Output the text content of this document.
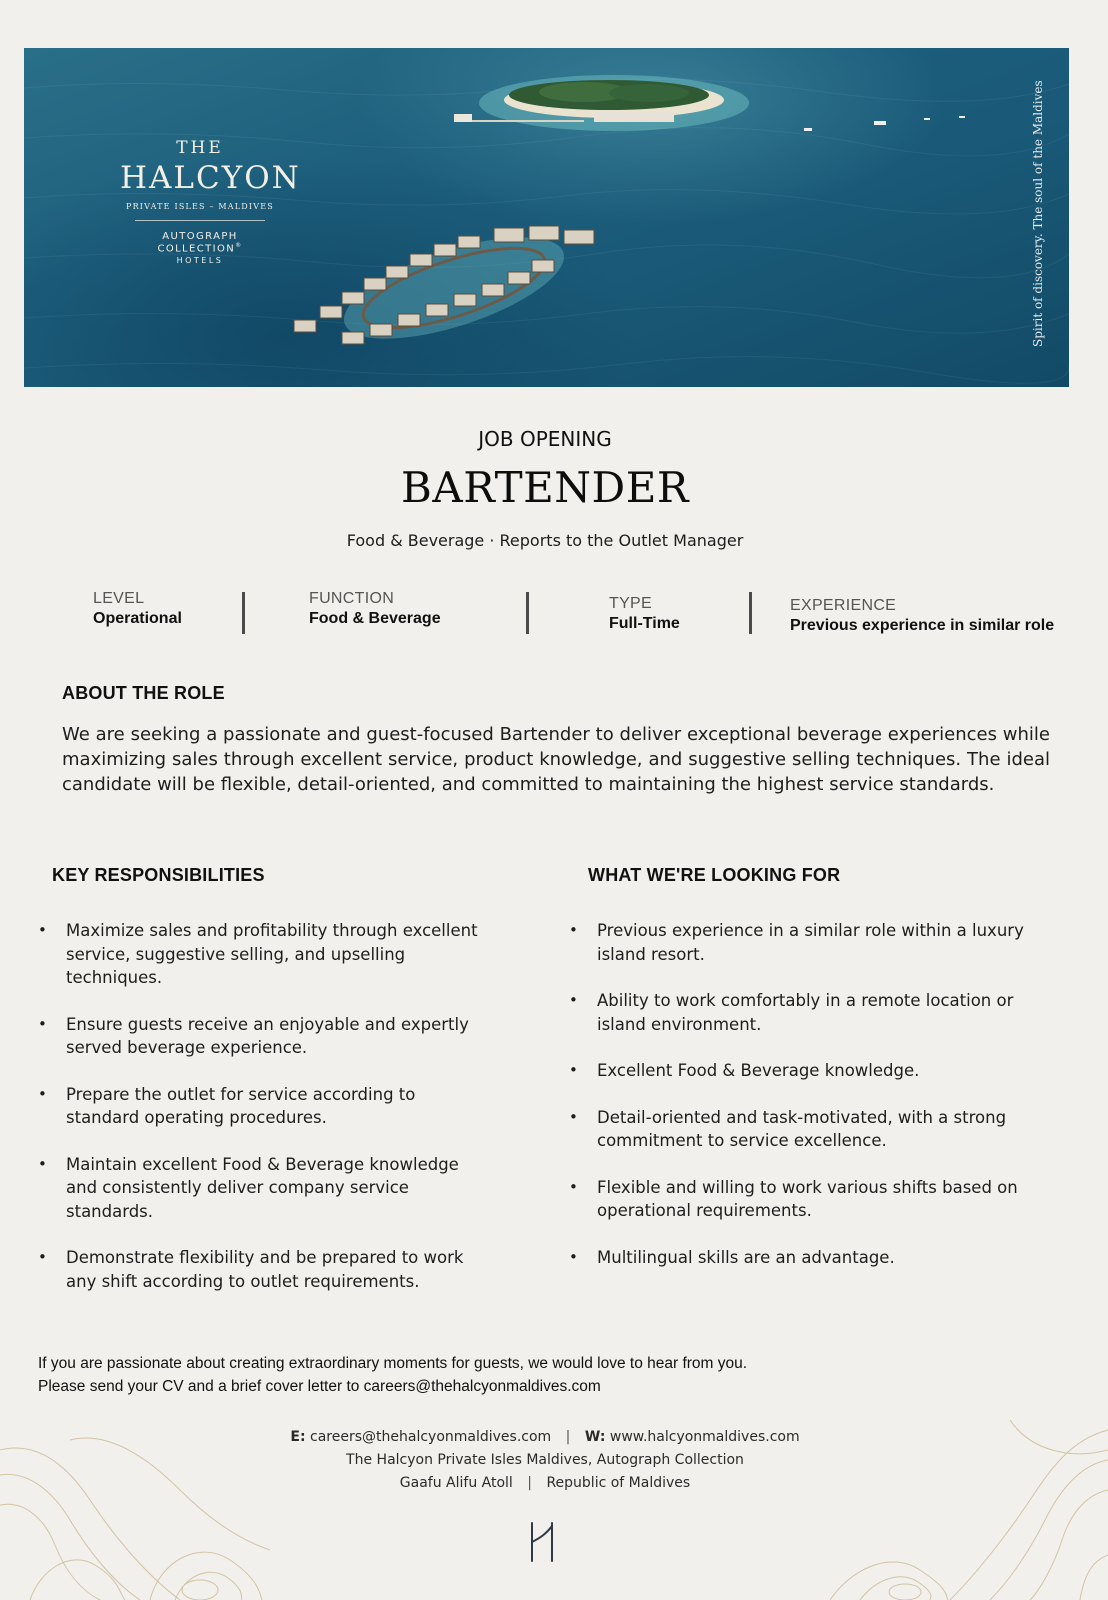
THE
HALCYON
PRIVATE ISLES – MALDIVES
AUTOGRAPH COLLECTION®
HOTELS	Spirit of discovery. The soul of the Maldives
JOB OPENING
BARTENDER
Food & Beverage · Reports to the Outlet Manager
LEVEL
Operational
FUNCTION
Food & Beverage
TYPE
Full-Time
EXPERIENCE
Previous experience in similar role
ABOUT THE ROLE
We are seeking a passionate and guest-focused Bartender to deliver exceptional beverage experiences while maximizing sales through excellent service, product knowledge, and suggestive selling techniques. The ideal candidate will be flexible, detail-oriented, and committed to maintaining the highest service standards.
KEY RESPONSIBILITIES
• Maximize sales and profitability through excellent service, suggestive selling, and upselling techniques.
• Ensure guests receive an enjoyable and expertly served beverage experience.
• Prepare the outlet for service according to standard operating procedures.
• Maintain excellent Food & Beverage knowledge and consistently deliver company service standards.
• Demonstrate flexibility and be prepared to work any shift according to outlet requirements.
WHAT WE'RE LOOKING FOR
• Previous experience in a similar role within a luxury island resort.
• Ability to work comfortably in a remote location or island environment.
• Excellent Food & Beverage knowledge.
• Detail-oriented and task-motivated, with a strong commitment to service excellence.
• Flexible and willing to work various shifts based on operational requirements.
• Multilingual skills are an advantage.
If you are passionate about creating extraordinary moments for guests, we would love to hear from you.
Please send your CV and a brief cover letter to careers@thehalcyonmaldives.com
E: careers@thehalcyonmaldives.com | W: www.halcyonmaldives.com
The Halcyon Private Isles Maldives, Autograph Collection
Gaafu Alifu Atoll | Republic of Maldives
